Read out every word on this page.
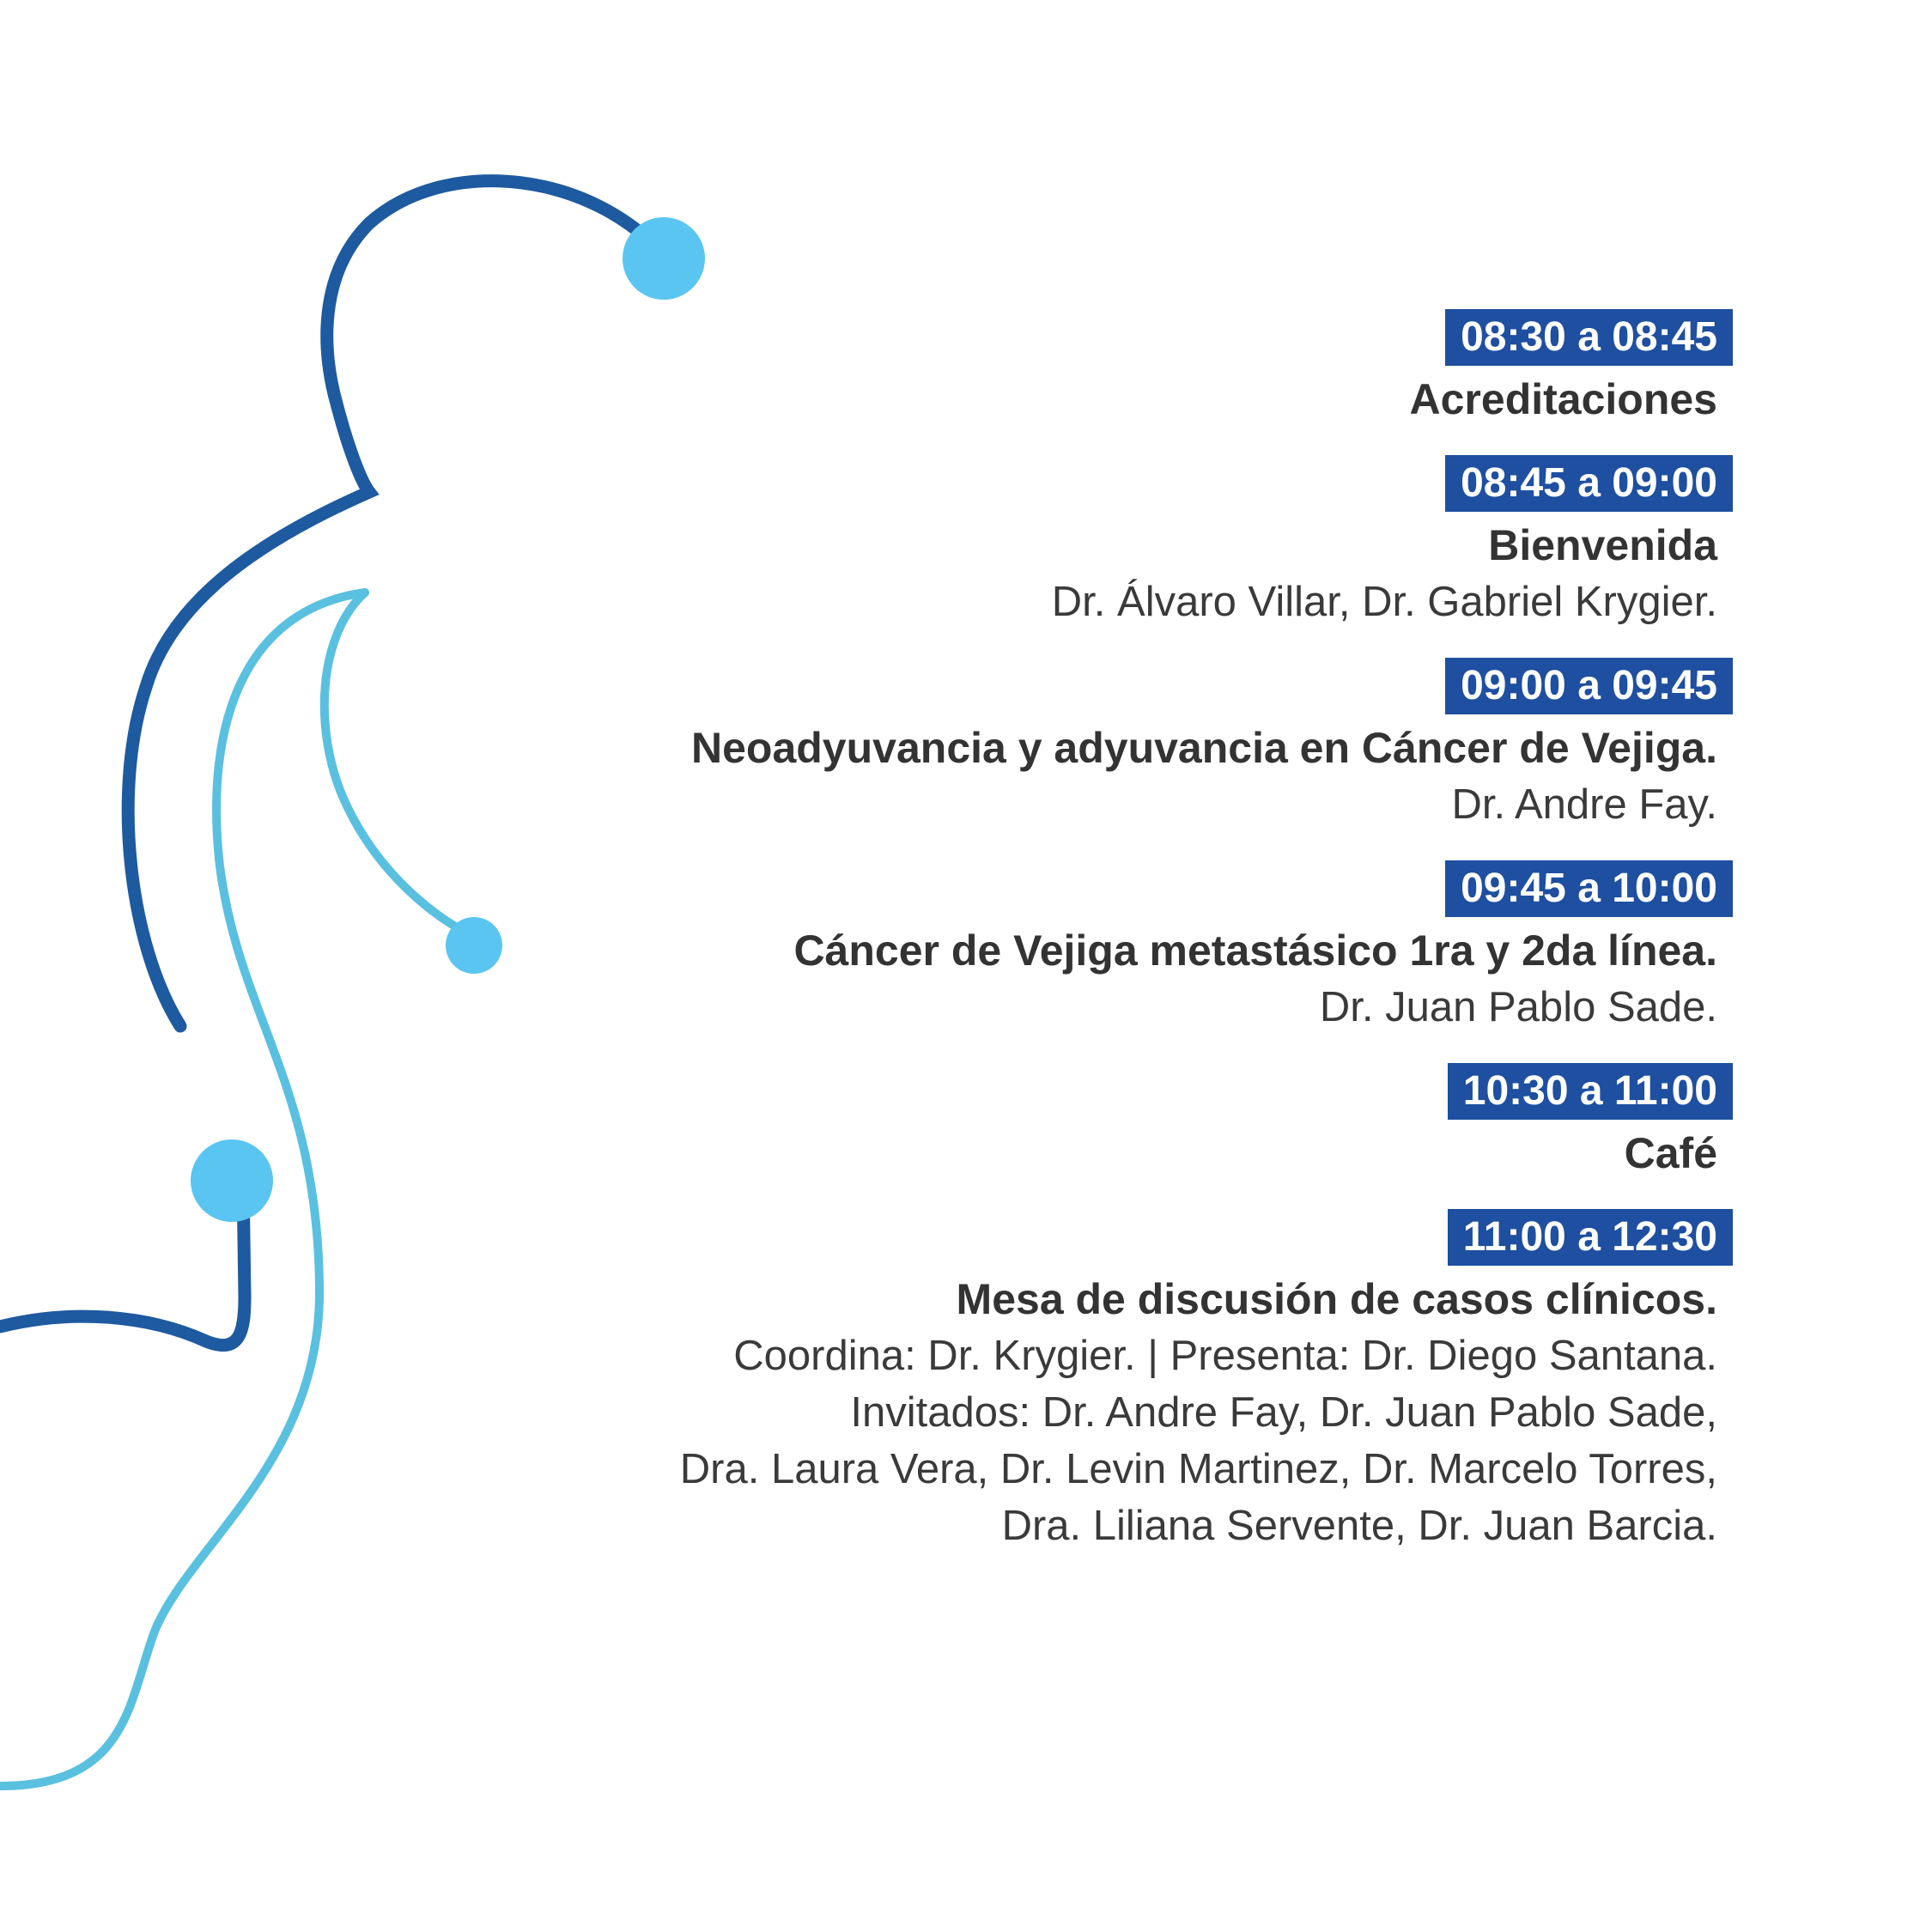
08:30 a 08:45
Acreditaciones
08:45 a 09:00
Bienvenida
Dr. Álvaro Villar, Dr. Gabriel Krygier.
09:00 a 09:45
Neoadyuvancia y adyuvancia en Cáncer de Vejiga.
Dr. Andre Fay.
09:45 a 10:00
Cáncer de Vejiga metastásico 1ra y 2da línea.
Dr. Juan Pablo Sade.
10:30 a 11:00
Café
11:00 a 12:30
Mesa de discusión de casos clínicos.
Coordina: Dr. Krygier. | Presenta: Dr. Diego Santana.
Invitados: Dr. Andre Fay, Dr. Juan Pablo Sade,
Dra. Laura Vera, Dr. Levin Martinez, Dr. Marcelo Torres,
Dra. Liliana Servente, Dr. Juan Barcia.
